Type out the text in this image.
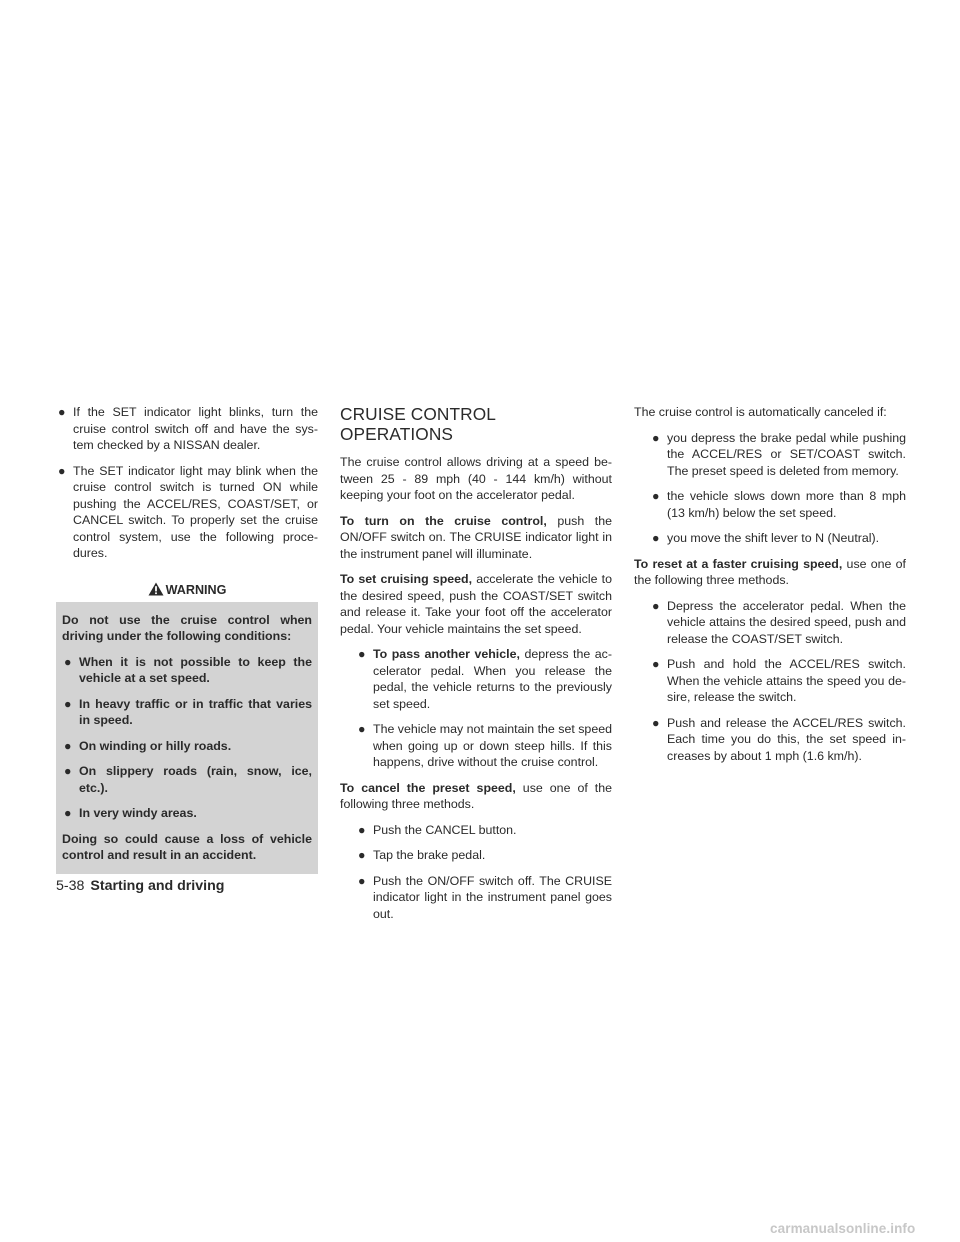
● If the SET indicator light blinks, turn the cruise control switch off and have the sys- tem checked by a NISSAN dealer.
● The SET indicator light may blink when the cruise control switch is turned ON while pushing the ACCEL/RES, COAST/SET, or CANCEL switch. To properly set the cruise control system, use the following proce- dures.
WARNING

Do not use the cruise control when driving under the following conditions:

● When it is not possible to keep the vehicle at a set speed.
● In heavy traffic or in traffic that varies in speed.
● On winding or hilly roads.
● On slippery roads (rain, snow, ice, etc.).
● In very windy areas.

Doing so could cause a loss of vehicle control and result in an accident.

CRUISE CONTROL OPERATIONS

The cruise control allows driving at a speed be- tween 25 - 89 mph (40 - 144 km/h) without keeping your foot on the accelerator pedal.

To turn on the cruise control, push the ON/OFF switch on. The CRUISE indicator light in the instrument panel will illuminate.

To set cruising speed, accelerate the vehicle to the desired speed, push the COAST/SET switch and release it. Take your foot off the accelerator pedal. Your vehicle maintains the set speed.

● To pass another vehicle, depress the ac- celerator pedal. When you release the pedal, the vehicle returns to the previously set speed.
● The vehicle may not maintain the set speed when going up or down steep hills. If this happens, drive without the cruise control.

To cancel the preset speed, use one of the following three methods.

● Push the CANCEL button.
● Tap the brake pedal.
● Push the ON/OFF switch off. The CRUISE indicator light in the instrument panel goes out.

The cruise control is automatically canceled if:

● you depress the brake pedal while pushing the ACCEL/RES or SET/COAST switch. The preset speed is deleted from memory.
● the vehicle slows down more than 8 mph (13 km/h) below the set speed.
● you move the shift lever to N (Neutral).

To reset at a faster cruising speed, use one of the following three methods.

● Depress the accelerator pedal. When the vehicle attains the desired speed, push and release the COAST/SET switch.
● Push and hold the ACCEL/RES switch. When the vehicle attains the speed you de- sire, release the switch.
● Push and release the ACCEL/RES switch. Each time you do this, the set speed in- creases by about 1 mph (1.6 km/h).
5-38 Starting and driving
carmanualsonline.info
